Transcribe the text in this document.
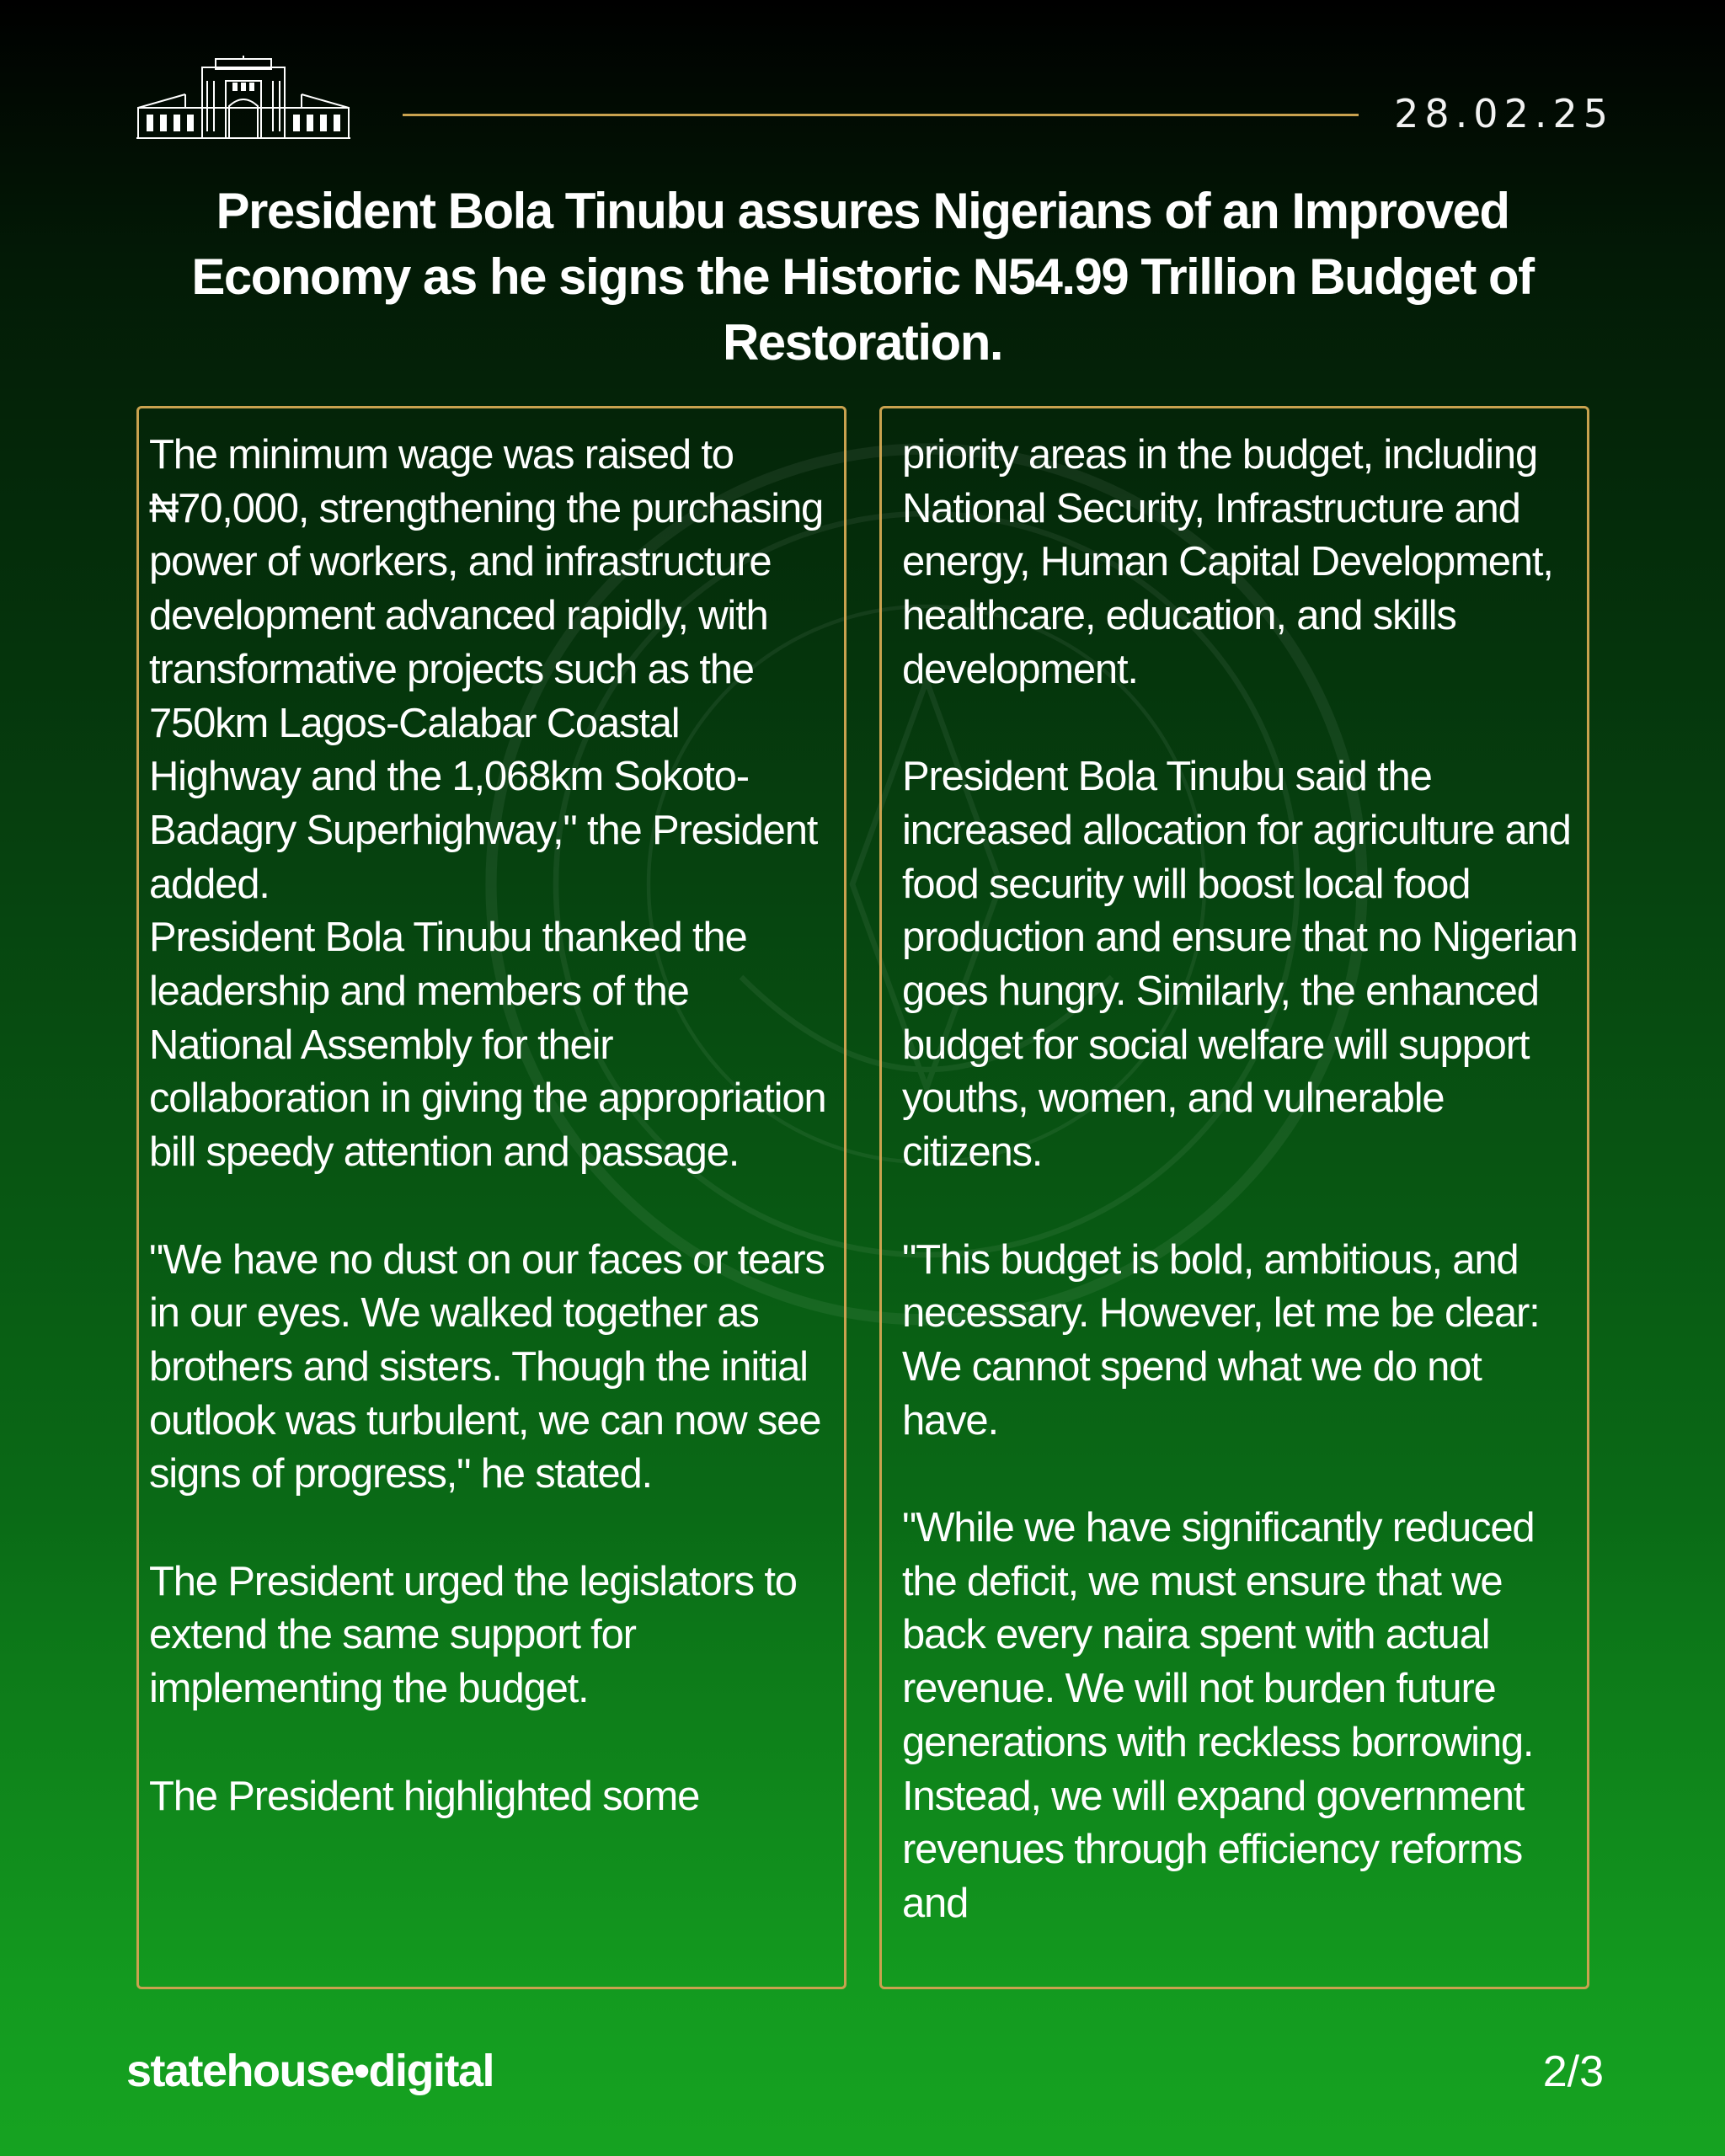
28.02.25
President Bola Tinubu assures Nigerians of an Improved Economy as he signs the Historic N54.99 Trillion Budget of Restoration.

The minimum wage was raised to ₦70,000, strengthening the purchasing power of workers, and infrastructure development advanced rapidly, with transformative projects such as the 750km Lagos-Calabar Coastal Highway and the 1,068km Sokoto-Badagry Superhighway," the President added.

President Bola Tinubu thanked the leadership and members of the National Assembly for their collaboration in giving the appropriation bill speedy attention and passage.

"We have no dust on our faces or tears in our eyes. We walked together as brothers and sisters. Though the initial outlook was turbulent, we can now see signs of progress," he stated.

The President urged the legislators to extend the same support for implementing the budget.

The President highlighted some

priority areas in the budget, including National Security, Infrastructure and energy, Human Capital Development, healthcare, education, and skills development.

President Bola Tinubu said the increased allocation for agriculture and food security will boost local food production and ensure that no Nigerian goes hungry. Similarly, the enhanced budget for social welfare will support youths, women, and vulnerable citizens.

"This budget is bold, ambitious, and necessary. However, let me be clear: We cannot spend what we do not have.

"While we have significantly reduced the deficit, we must ensure that we back every naira spent with actual revenue. We will not burden future generations with reckless borrowing. Instead, we will expand government revenues through efficiency reforms and

statehouse•digital	2/3
